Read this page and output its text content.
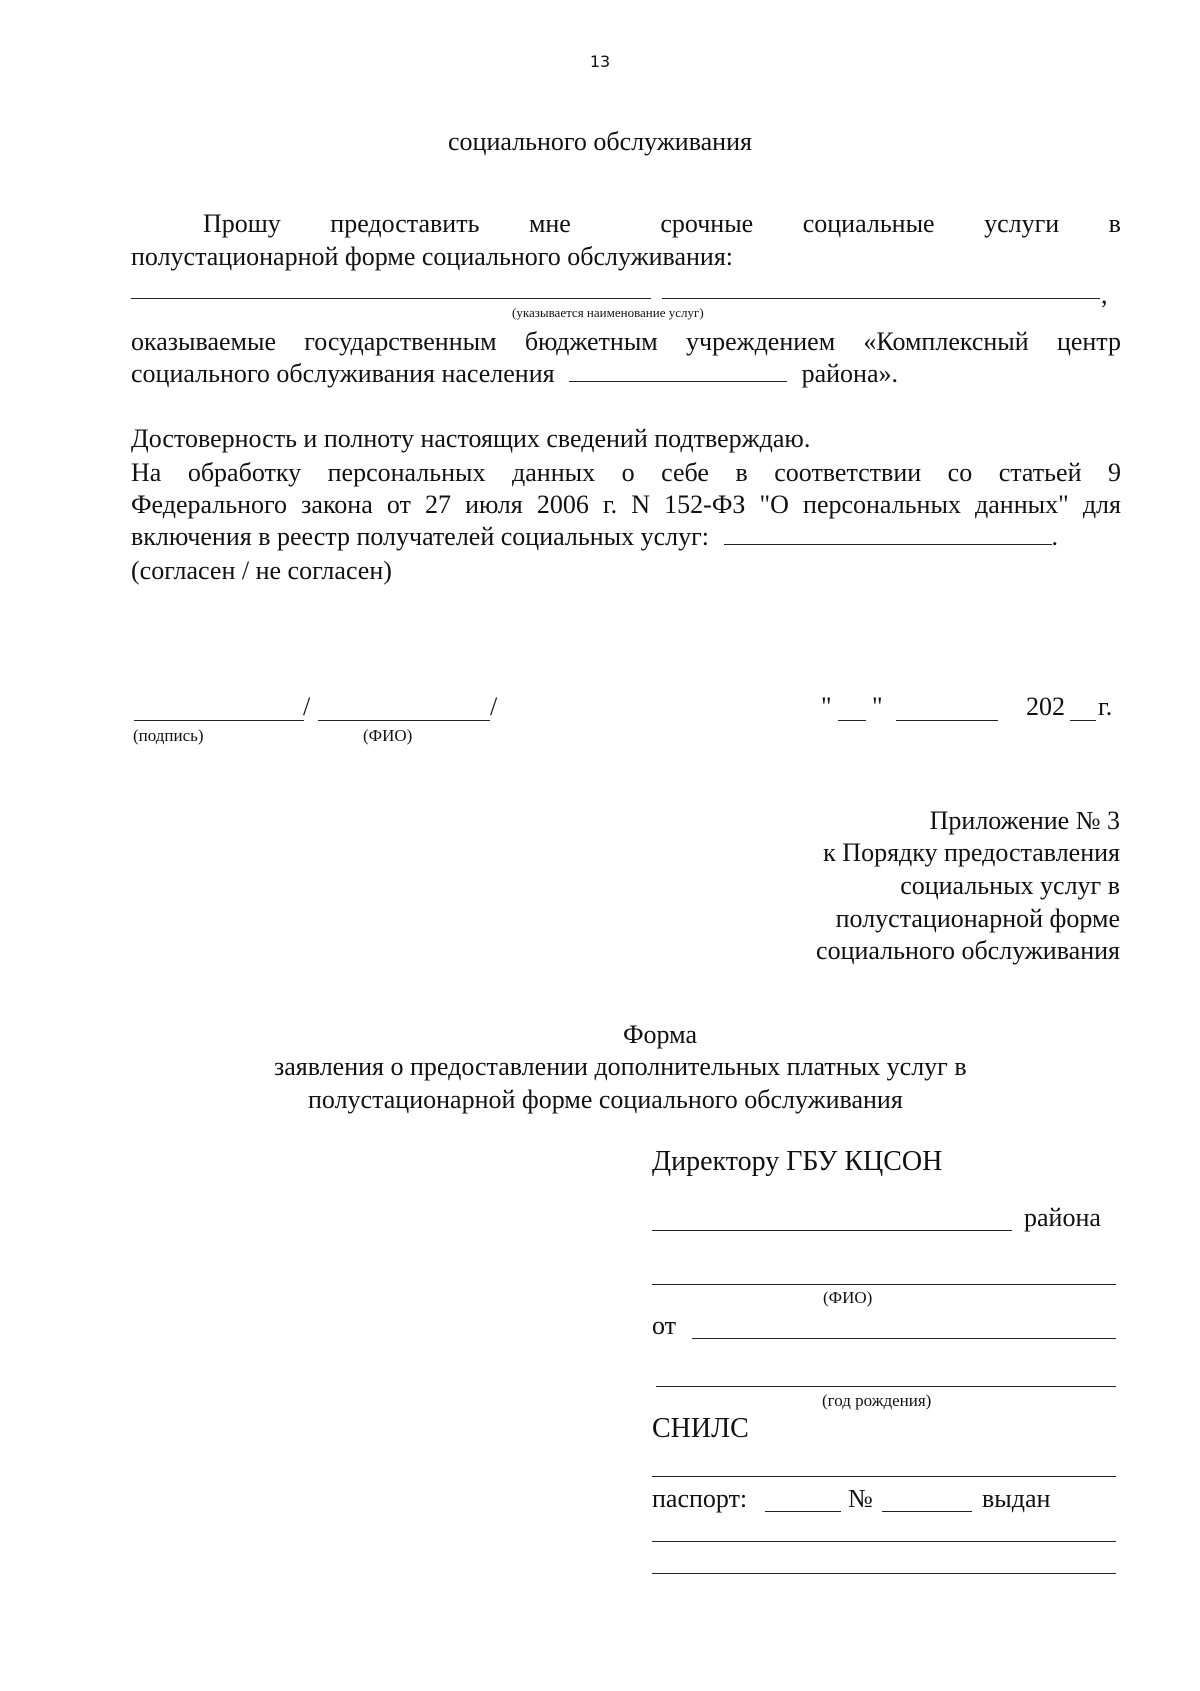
13
социального обслуживания
Прошу предоставить мне	срочные социальные услуги в
полустационарной форме социального обслуживания:
,
(указывается наименование услуг)
оказываемые государственным бюджетным учреждением «Комплексный центр
социального обслуживания населения	района».
Достоверность и полноту настоящих сведений подтверждаю.
На обработку персональных данных о себе в соответствии со статьей 9
Федерального закона от 27 июля 2006 г. N 152-ФЗ "О персональных данных" для
включения в реестр получателей социальных услуг:	.
(согласен / не согласен)
/	/
(подпись)	(ФИО)
" "	202 г.
Приложение № 3
к Порядку предоставления
социальных услуг в
полустационарной форме
социального обслуживания
Форма
заявления о предоставлении дополнительных платных услуг в
полустационарной форме социального обслуживания
Директору ГБУ КЦСОН
района
(ФИО)
от
(год рождения)
СНИЛС
паспорт:	№	выдан
